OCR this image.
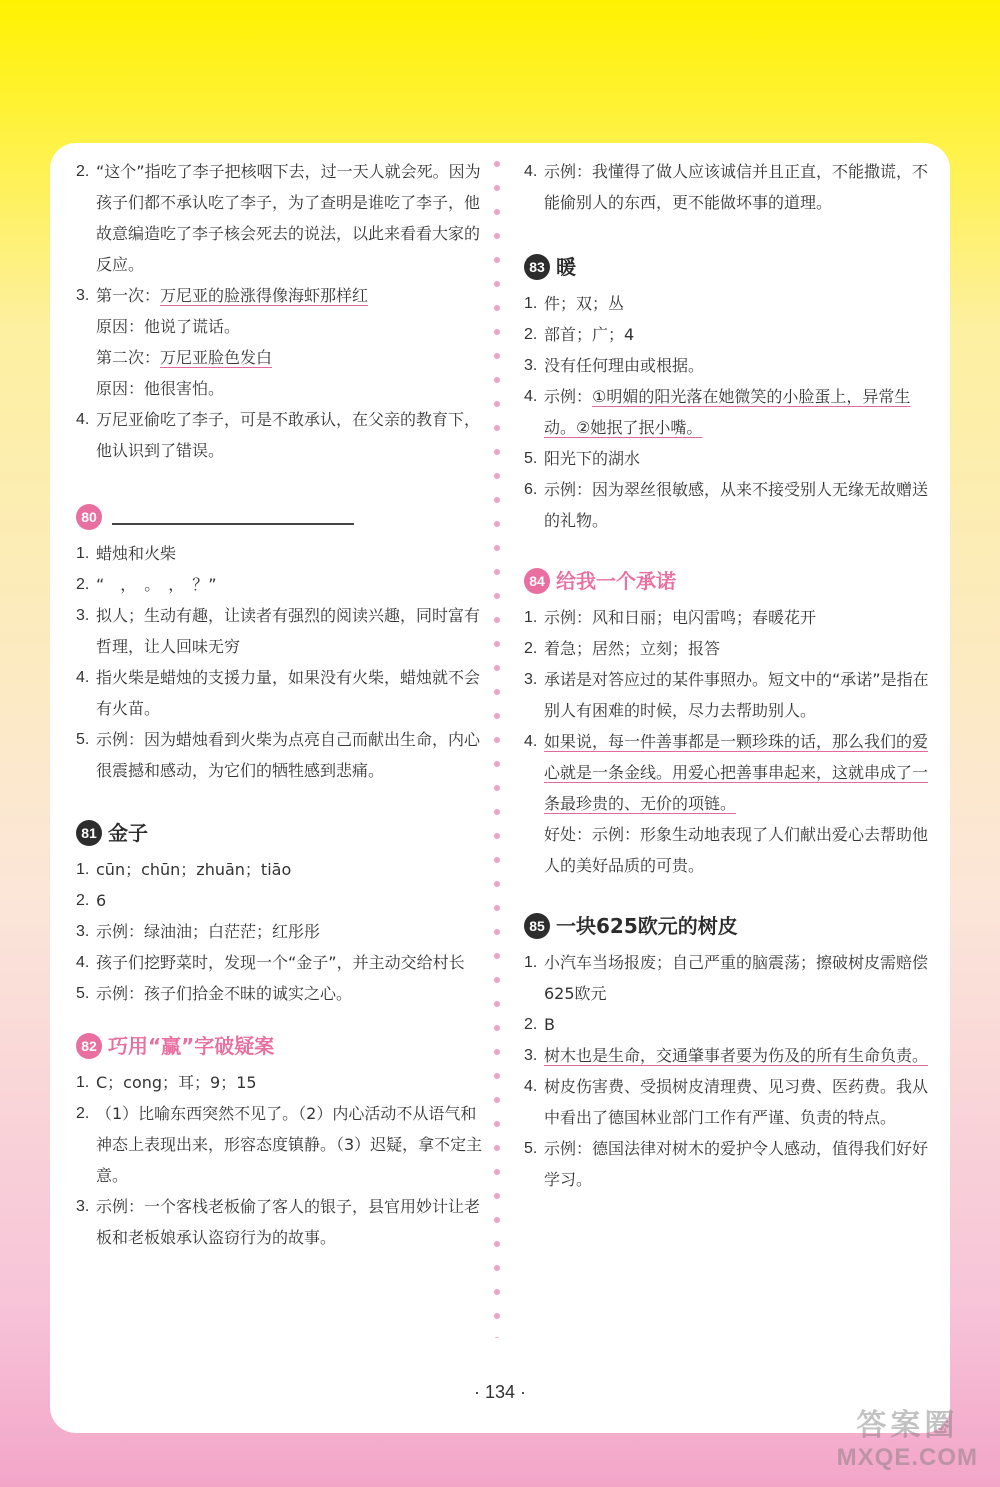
2. “这个”指吃了李子把核咽下去，过一天人就会死。因为孩子们都不承认吃了李子，为了查明是谁吃了李子，他故意编造吃了李子核会死去的说法，以此来看看大家的反应。
3. 第一次：万尼亚的脸涨得像海虾那样红
原因：他说了谎话。
第二次：万尼亚脸色发白
原因：他很害怕。
4. 万尼亚偷吃了李子，可是不敢承认，在父亲的教育下，他认识到了错误。
80
1. 蜡烛和火柴
2. “　，　。　，　？”
3. 拟人；生动有趣，让读者有强烈的阅读兴趣，同时富有哲理，让人回味无穷
4. 指火柴是蜡烛的支援力量，如果没有火柴，蜡烛就不会有火苗。
5. 示例：因为蜡烛看到火柴为点亮自己而献出生命，内心很震撼和感动，为它们的牺牲感到悲痛。
81 金子
1. cūn；chūn；zhuān；tiāo
2. 6
3. 示例：绿油油；白茫茫；红彤彤
4. 孩子们挖野菜时，发现一个“金子”，并主动交给村长
5. 示例：孩子们拾金不昧的诚实之心。
82 巧用“赢”字破疑案
1. C；cong；耳；9；15
2. （1）比喻东西突然不见了。（2）内心活动不从语气和神态上表现出来，形容态度镇静。（3）迟疑，拿不定主意。
3. 示例：一个客栈老板偷了客人的银子，县官用妙计让老板和老板娘承认盗窃行为的故事。
4. 示例：我懂得了做人应该诚信并且正直，不能撒谎，不能偷别人的东西，更不能做坏事的道理。
83 暖
1. 件；双；丛
2. 部首；广；4
3. 没有任何理由或根据。
4. 示例：①明媚的阳光落在她微笑的小脸蛋上，异常生动。②她抿了抿小嘴。
5. 阳光下的湖水
6. 示例：因为翠丝很敏感，从来不接受别人无缘无故赠送的礼物。
84 给我一个承诺
1. 示例：风和日丽；电闪雷鸣；春暖花开
2. 着急；居然；立刻；报答
3. 承诺是对答应过的某件事照办。短文中的“承诺”是指在别人有困难的时候，尽力去帮助别人。
4. 如果说，每一件善事都是一颗珍珠的话，那么我们的爱心就是一条金线。用爱心把善事串起来，这就串成了一条最珍贵的、无价的项链。
好处：示例：形象生动地表现了人们献出爱心去帮助他人的美好品质的可贵。
85 一块625欧元的树皮
1. 小汽车当场报废；自己严重的脑震荡；擦破树皮需赔偿625欧元
2. B
3. 树木也是生命，交通肇事者要为伤及的所有生命负责。
4. 树皮伤害费、受损树皮清理费、见习费、医药费。我从中看出了德国林业部门工作有严谨、负责的特点。
5. 示例：德国法律对树木的爱护令人感动，值得我们好好学习。
· 134 ·
答案圈
MXQE.COM
